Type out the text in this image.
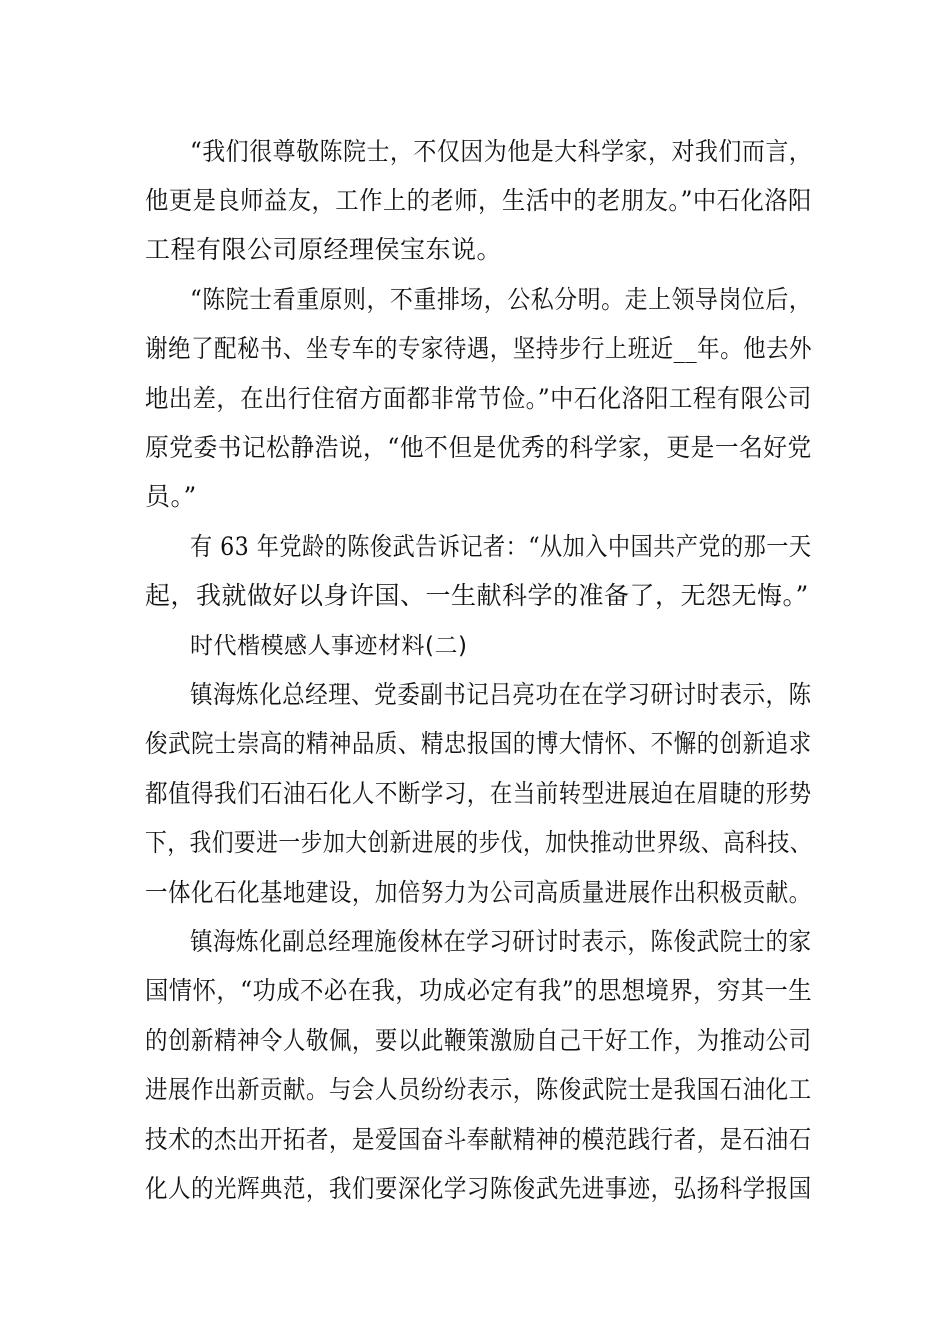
“我们很尊敬陈院士，不仅因为他是大科学家，对我们而言，
他更是良师益友，工作上的老师，生活中的老朋友。”中石化洛阳
工程有限公司原经理侯宝东说。
“陈院士看重原则，不重排场，公私分明。走上领导岗位后，
谢绝了配秘书、坐专车的专家待遇，坚持步行上班近__年。他去外
地出差，在出行住宿方面都非常节俭。”中石化洛阳工程有限公司
原党委书记松静浩说，“他不但是优秀的科学家，更是一名好党
员。”
有 63 年党龄的陈俊武告诉记者：“从加入中国共产党的那一天
起，我就做好以身许国、一生献科学的准备了，无怨无悔。”
时代楷模感人事迹材料(二)
镇海炼化总经理、党委副书记吕亮功在在学习研讨时表示，陈
俊武院士崇高的精神品质、精忠报国的博大情怀、不懈的创新追求
都值得我们石油石化人不断学习，在当前转型进展迫在眉睫的形势
下，我们要进一步加大创新进展的步伐，加快推动世界级、高科技、
一体化石化基地建设，加倍努力为公司高质量进展作出积极贡献。
镇海炼化副总经理施俊林在学习研讨时表示，陈俊武院士的家
国情怀，“功成不必在我，功成必定有我”的思想境界，穷其一生
的创新精神令人敬佩，要以此鞭策激励自己干好工作，为推动公司
进展作出新贡献。与会人员纷纷表示，陈俊武院士是我国石油化工
技术的杰出开拓者，是爱国奋斗奉献精神的模范践行者，是石油石
化人的光辉典范，我们要深化学习陈俊武先进事迹，弘扬科学报国
